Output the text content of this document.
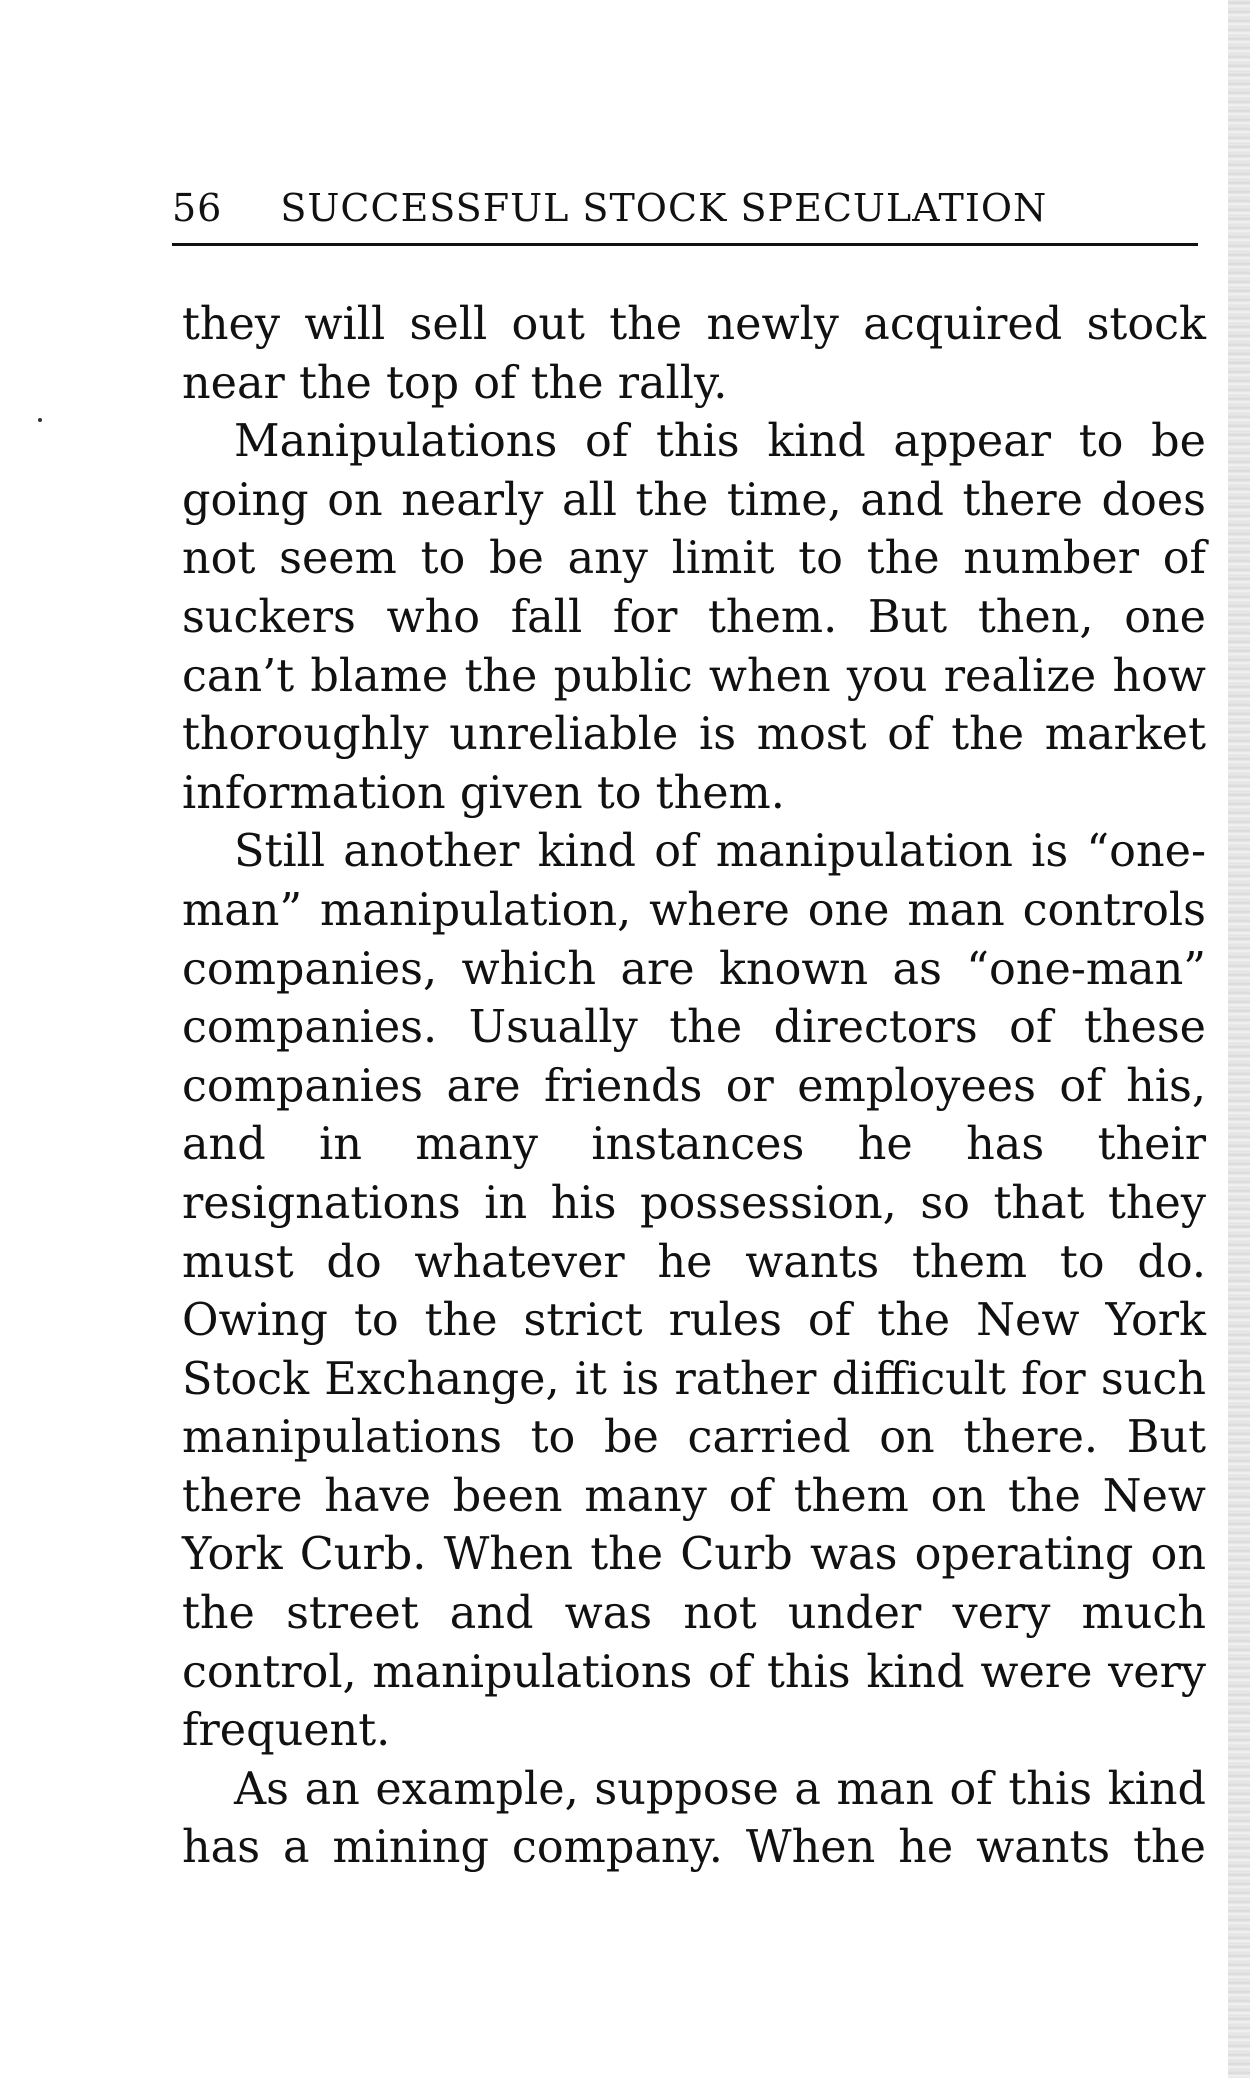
56 SUCCESSFUL STOCK SPECULATION

they will sell out the newly acquired stock near the top of the rally.

Manipulations of this kind appear to be going on nearly all the time, and there does not seem to be any limit to the number of suckers who fall for them. But then, one can’t blame the public when you realize how thoroughly unreliable is most of the market information given to them.

Still another kind of manipulation is “one-man” manipulation, where one man controls companies, which are known as “one-man” companies. Usually the directors of these companies are friends or employees of his, and in many instances he has their resignations in his possession, so that they must do whatever he wants them to do. Owing to the strict rules of the New York Stock Exchange, it is rather difficult for such manipulations to be carried on there. But there have been many of them on the New York Curb. When the Curb was operating on the street and was not under very much control, manipulations of this kind were very frequent.

As an example, suppose a man of this kind has a mining company. When he wants the
